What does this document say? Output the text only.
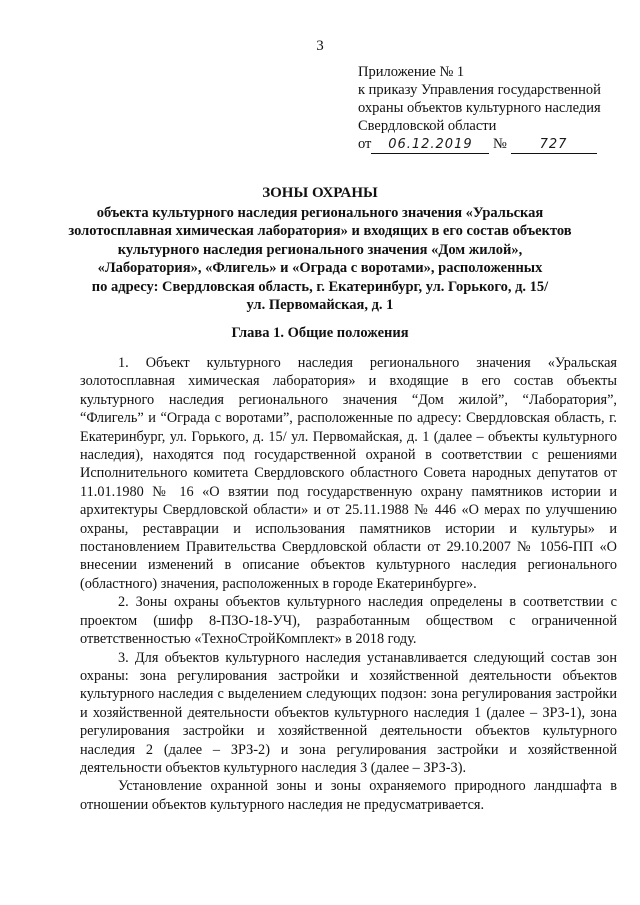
3
Приложение № 1
к приказу Управления государственной
охраны объектов культурного наследия
Свердловской области
от 06.12.2019 №	727
ЗОНЫ ОХРАНЫ
объекта культурного наследия регионального значения «Уральская
золотосплавная химическая лаборатория» и входящих в его состав объектов
культурного наследия регионального значения «Дом жилой»,
«Лаборатория», «Флигель» и «Ограда с воротами», расположенных
по адресу: Свердловская область, г. Екатеринбург, ул. Горького, д. 15/
ул. Первомайская, д. 1
Глава 1. Общие положения

1. Объект культурного наследия регионального значения «Уральская золотосплавная химическая лаборатория» и входящие в его состав объекты культурного наследия регионального значения “Дом жилой”, “Лаборатория”, “Флигель” и “Ограда с воротами”, расположенные по адресу: Свердловская область, г. Екатеринбург, ул. Горького, д. 15/ ул. Первомайская, д. 1 (далее – объекты культурного наследия), находятся под государственной охраной в соответствии с решениями Исполнительного комитета Свердловского областного Совета народных депутатов от 11.01.1980 № 16 «О взятии под государственную охрану памятников истории и архитектуры Свердловской области» и от 25.11.1988 № 446 «О мерах по улучшению охраны, реставрации и использования памятников истории и культуры» и постановлением Правительства Свердловской области от 29.10.2007 № 1056-ПП «О внесении изменений в описание объектов культурного наследия регионального (областного) значения, расположенных в городе Екатеринбурге».

2. Зоны охраны объектов культурного наследия определены в соответствии с проектом (шифр 8-ПЗО-18-УЧ), разработанным обществом с ограниченной ответственностью «ТехноСтройКомплект» в 2018 году.

3. Для объектов культурного наследия устанавливается следующий состав зон охраны: зона регулирования застройки и хозяйственной деятельности объектов культурного наследия с выделением следующих подзон: зона регулирования застройки и хозяйственной деятельности объектов культурного наследия 1 (далее – ЗРЗ-1), зона регулирования застройки и хозяйственной деятельности объектов культурного наследия 2 (далее – ЗРЗ-2) и зона регулирования застройки и хозяйственной деятельности объектов культурного наследия 3 (далее – ЗРЗ-3).

Установление охранной зоны и зоны охраняемого природного ландшафта в отношении объектов культурного наследия не предусматривается.
